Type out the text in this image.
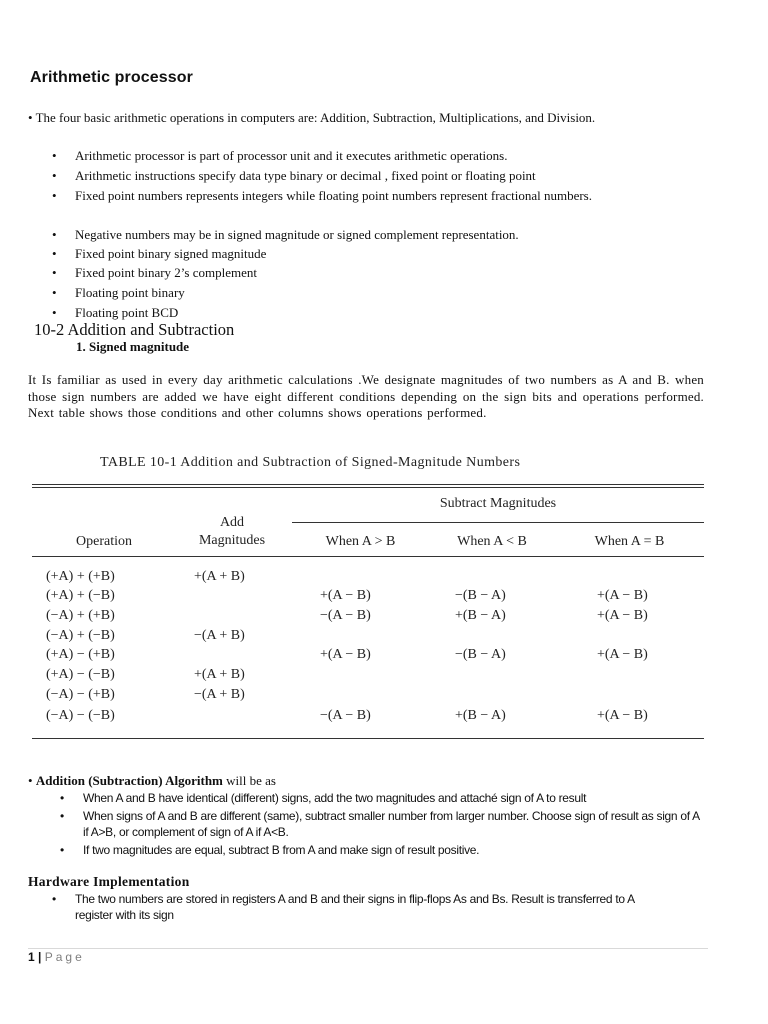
Arithmetic processor
• The four basic arithmetic operations in computers are: Addition, Subtraction, Multiplications, and Division.
• Arithmetic processor is part of processor unit and it executes arithmetic operations.
• Arithmetic instructions specify data type binary or decimal , fixed point or floating point
• Fixed point numbers represents integers while floating point numbers represent fractional numbers.
• Negative numbers may be in signed magnitude or signed complement representation.
• Fixed point binary signed magnitude
• Fixed point binary 2’s complement
• Floating point binary
• Floating point BCD
10-2 Addition and Subtraction
1. Signed magnitude
It Is familiar as used in every day arithmetic calculations .We designate magnitudes of two numbers as A and B. when those sign numbers are added we have eight different conditions depending on the sign bits and operations performed. Next table shows those conditions and other columns shows operations performed.
TABLE 10-1 Addition and Subtraction of Signed-Magnitude Numbers
Operation	Add
Magnitudes	Subtract Magnitudes		
		When A > B	When A < B	When A = B

(+A) + (+B)	+(A + B)			
(+A) + (−B)		+(A − B)	−(B − A)	+(A − B)
(−A) + (+B)		−(A − B)	+(B − A)	+(A − B)
(−A) + (−B)	−(A + B)			
(+A) − (+B)		+(A − B)	−(B − A)	+(A − B)
(+A) − (−B)	+(A + B)			
(−A) − (+B)	−(A + B)			
(−A) − (−B)		−(A − B)	+(B − A)	+(A − B)
• Addition (Subtraction) Algorithm will be as
• When A and B have identical (different) signs, add the two magnitudes and attaché sign of A to result
• When signs of A and B are different (same), subtract smaller number from larger number. Choose sign of result as sign of A if A>B, or complement of sign of A if A<B.
• If two magnitudes are equal, subtract B from A and make sign of result positive.
Hardware Implementation
• The two numbers are stored in registers A and B and their signs in flip-flops As and Bs. Result is transferred to A register with its sign
1 | Page
